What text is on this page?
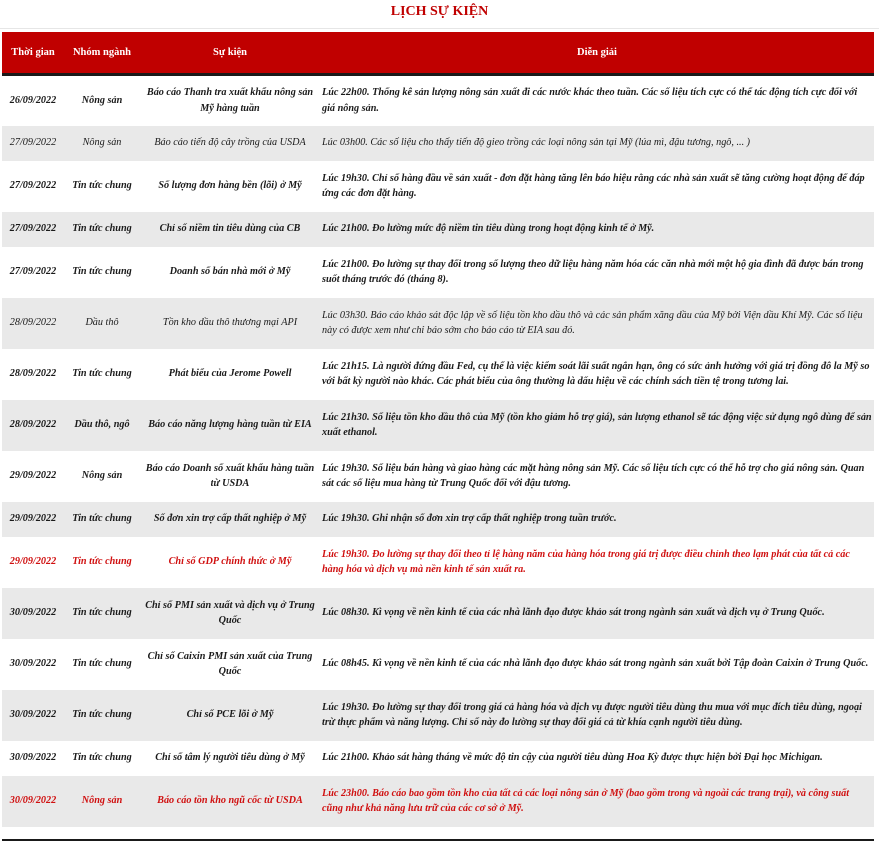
LỊCH SỰ KIỆN
Thời gian	Nhóm ngành	Sự kiện	Diễn giải
26/09/2022	Nông sản	Báo cáo Thanh tra xuất khẩu nông sản Mỹ hàng tuần	Lúc 22h00. Thống kê sản lượng nông sản xuất đi các nước khác theo tuần. Các số liệu tích cực có thể tác động tích cực đối với giá nông sản.
27/09/2022	Nông sản	Báo cáo tiến độ cây trồng của USDA	Lúc 03h00. Các số liệu cho thấy tiến độ gieo trồng các loại nông sản tại Mỹ (lúa mì, đậu tương, ngô, ... )
27/09/2022	Tin tức chung	Số lượng đơn hàng bền (lõi) ở Mỹ	Lúc 19h30. Chỉ số hàng đầu về sản xuất - đơn đặt hàng tăng lên báo hiệu rằng các nhà sản xuất sẽ tăng cường hoạt động để đáp ứng các đơn đặt hàng.
27/09/2022	Tin tức chung	Chỉ số niềm tin tiêu dùng của CB	Lúc 21h00. Đo lường mức độ niềm tin tiêu dùng trong hoạt động kinh tế ở Mỹ.
27/09/2022	Tin tức chung	Doanh số bán nhà mới ở Mỹ	Lúc 21h00. Đo lường sự thay đổi trong số lượng theo dữ liệu hàng năm hóa các căn nhà mới một hộ gia đình đã được bán trong suốt tháng trước đó (tháng 8).
28/09/2022	Dầu thô	Tồn kho dầu thô thương mại API	Lúc 03h30. Báo cáo khảo sát độc lập về số liệu tồn kho dầu thô và các sản phẩm xăng dầu của Mỹ bởi Viện dầu Khí Mỹ. Các số liệu này có được xem như chỉ báo sớm cho báo cáo từ EIA sau đó.
28/09/2022	Tin tức chung	Phát biểu của Jerome Powell	Lúc 21h15. Là người đứng đầu Fed, cụ thể là việc kiểm soát lãi suất ngắn hạn, ông có sức ảnh hưởng với giá trị đồng đô la Mỹ so với bất kỳ người nào khác. Các phát biểu của ông thường là dấu hiệu về các chính sách tiền tệ trong tương lai.
28/09/2022	Dầu thô, ngô	Báo cáo năng lượng hàng tuần từ EIA	Lúc 21h30. Số liệu tồn kho dầu thô của Mỹ (tồn kho giảm hỗ trợ giá), sản lượng ethanol sẽ tác động việc sử dụng ngô dùng để sản xuất ethanol.
29/09/2022	Nông sản	Báo cáo Doanh số xuất khẩu hàng tuần từ USDA	Lúc 19h30. Số liệu bán hàng và giao hàng các mặt hàng nông sản Mỹ. Các số liệu tích cực có thể hỗ trợ cho giá nông sản. Quan sát các số liệu mua hàng từ Trung Quốc đối với đậu tương.
29/09/2022	Tin tức chung	Số đơn xin trợ cấp thất nghiệp ở Mỹ	Lúc 19h30. Ghi nhận số đơn xin trợ cấp thất nghiệp trong tuần trước.
29/09/2022	Tin tức chung	Chỉ số GDP chính thức ở Mỹ	Lúc 19h30. Đo lường sự thay đổi theo tỉ lệ hàng năm của hàng hóa trong giá trị được điều chỉnh theo lạm phát của tất cả các hàng hóa và dịch vụ mà nền kinh tế sản xuất ra.
30/09/2022	Tin tức chung	Chỉ số PMI sản xuất và dịch vụ ở Trung Quốc	Lúc 08h30. Kì vọng về nền kinh tế của các nhà lãnh đạo được khảo sát trong ngành sản xuất và dịch vụ ở Trung Quốc.
30/09/2022	Tin tức chung	Chỉ số Caixin PMI sản xuất của Trung Quốc	Lúc 08h45. Kì vọng về nền kinh tế của các nhà lãnh đạo được khảo sát trong ngành sản xuất bởi Tập đoàn Caixin ở Trung Quốc.
30/09/2022	Tin tức chung	Chỉ số PCE lõi ở Mỹ	Lúc 19h30. Đo lường sự thay đổi trong giá cả hàng hóa và dịch vụ được người tiêu dùng thu mua với mục đích tiêu dùng, ngoại trừ thực phẩm và năng lượng. Chỉ số này đo lường sự thay đổi giá cả từ khía cạnh người tiêu dùng.
30/09/2022	Tin tức chung	Chỉ số tâm lý người tiêu dùng ở Mỹ	Lúc 21h00. Khảo sát hàng tháng về mức độ tin cậy của người tiêu dùng Hoa Kỳ được thực hiện bởi Đại học Michigan.
30/09/2022	Nông sản	Báo cáo tồn kho ngũ cốc từ USDA	Lúc 23h00. Báo cáo bao gồm tồn kho của tất cả các loại nông sản ở Mỹ (bao gồm trong và ngoài các trang trại), và công suất cũng như khả năng lưu trữ của các cơ sở ở Mỹ.
